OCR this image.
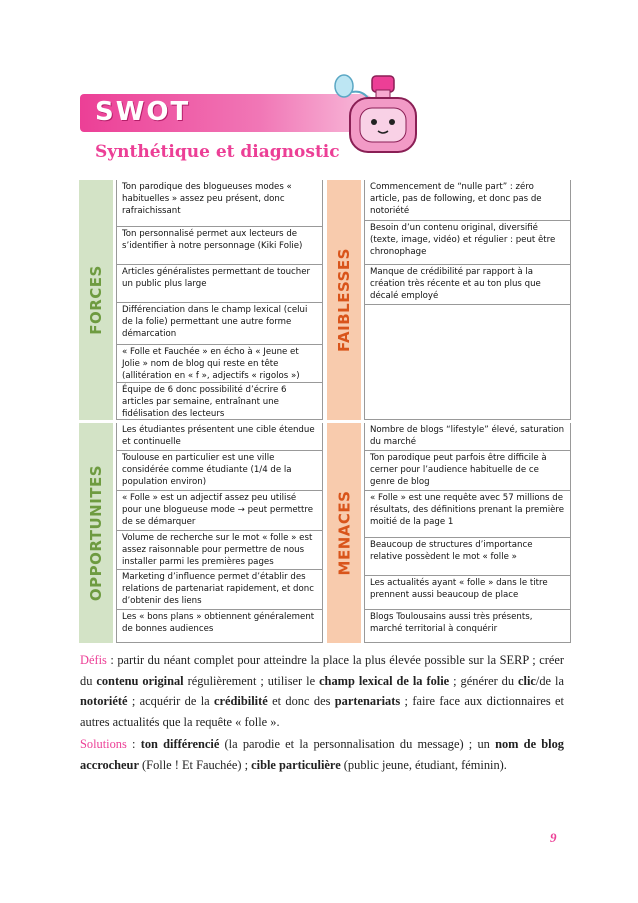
SWOT
Synthétique et diagnostic
FORCES
Ton parodique des blogueuses modes « habituelles » assez peu présent, donc rafraichissant
Ton personnalisé permet aux lecteurs de s’identifier à notre personnage (Kiki Folie)
Articles généralistes permettant de toucher un public plus large
Différenciation dans le champ lexical (celui de la folie) permettant une autre forme démarcation
« Folle et Fauchée » en écho à « Jeune et Jolie » nom de blog qui reste en tête (allitération en « f », adjectifs « rigolos »)
Équipe de 6 donc possibilité d’écrire 6 articles par semaine, entraînant une fidélisation des lecteurs
FAIBLESSES
Commencement de “nulle part” : zéro article, pas de following, et donc pas de notoriété
Besoin d’un contenu original, diversifié (texte, image, vidéo) et régulier : peut être chronophage
Manque de crédibilité par rapport à la création très récente et au ton plus que décalé employé
OPPORTUNITES
Les étudiantes présentent une cible étendue et continuelle
Toulouse en particulier est une ville considérée comme étudiante (1/4 de la population environ)
« Folle » est un adjectif assez peu utilisé pour une blogueuse mode → peut permettre de se démarquer
Volume de recherche sur le mot « folle » est assez raisonnable pour permettre de nous installer parmi les premières pages
Marketing d’influence permet d’établir des relations de partenariat rapidement, et donc d’obtenir des liens
Les « bons plans » obtiennent généralement de bonnes audiences
MENACES
Nombre de blogs “lifestyle” élevé, saturation du marché
Ton parodique peut parfois être difficile à cerner pour l’audience habituelle de ce genre de blog
« Folle » est une requête avec 57 millions de résultats, des définitions prenant la première moitié de la page 1
Beaucoup de structures d’importance relative possèdent le mot « folle »
Les actualités ayant « folle » dans le titre prennent aussi beaucoup de place
Blogs Toulousains aussi très présents, marché territorial à conquérir

Défis : partir du néant complet pour atteindre la place la plus élevée possible sur la SERP ; créer du contenu original régulièrement ; utiliser le champ lexical de la folie ; générer du clic/de la notoriété ; acquérir de la crédibilité et donc des partenariats ; faire face aux dictionnaires et autres actualités que la requête « folle ».

Solutions : ton différencié (la parodie et la personnalisation du message) ; un nom de blog accrocheur (Folle ! Et Fauchée) ; cible particulière (public jeune, étudiant, féminin).

9
